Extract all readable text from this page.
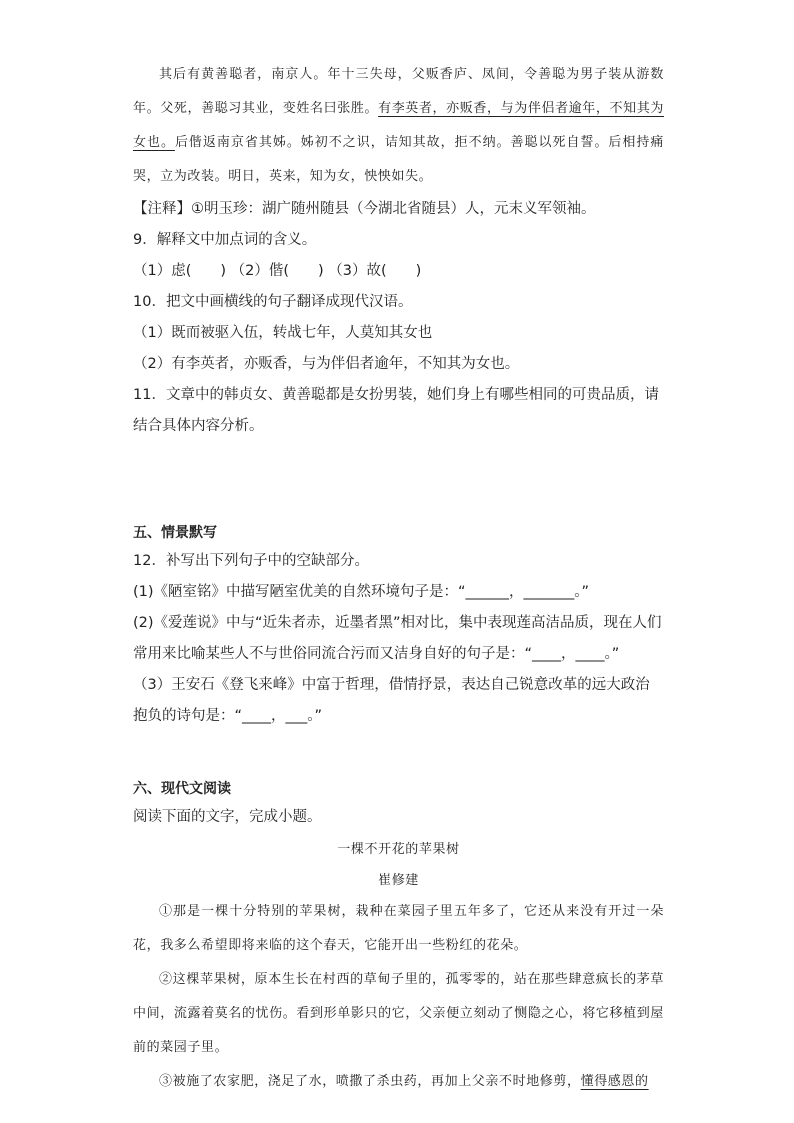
其后有黄善聪者，南京人。年十三失母，父贩香庐、凤间，令善聪为男子装从游数年。父死，善聪习其业，变姓名曰张胜。有李英者，亦贩香，与为伴侣者逾年，不知其为女也。后偕返南京省其姊。姊初不之识，诘知其故，拒不纳。善聪以死自誓。后相持痛哭，立为改装。明日，英来，知为女，怏怏如失。

【注释】①明玉珍：湖广随州随县（今湖北省随县）人，元末义军领袖。

9．解释文中加点词的含义。

（1）虑(　　) （2）偕(　　) （3）故(　　)

10．把文中画横线的句子翻译成现代汉语。

（1）既而被驱入伍，转战七年，人莫知其女也

（2）有李英者，亦贩香，与为伴侣者逾年，不知其为女也。

11．文章中的韩贞女、黄善聪都是女扮男装，她们身上有哪些相同的可贵品质，请结合具体内容分析。

五、情景默写

12．补写出下列句子中的空缺部分。

(1)《陋室铭》中描写陋室优美的自然环境句子是：“______，_______。”

(2)《爱莲说》中与“近朱者赤，近墨者黑”相对比，集中表现莲高洁品质，现在人们常用来比喻某些人不与世俗同流合污而又洁身自好的句子是：“____，____。”

（3）王安石《登飞来峰》中富于哲理，借情抒景，表达自己锐意改革的远大政治抱负的诗句是：“____，___。”

六、现代文阅读

阅读下面的文字，完成小题。

一棵不开花的苹果树

崔修建

①那是一棵十分特别的苹果树，栽种在菜园子里五年多了，它还从来没有开过一朵花，我多么希望即将来临的这个春天，它能开出一些粉红的花朵。

②这棵苹果树，原本生长在村西的草甸子里的，孤零零的，站在那些肆意疯长的茅草中间，流露着莫名的忧伤。看到形单影只的它，父亲便立刻动了恻隐之心，将它移植到屋前的菜园子里。

③被施了农家肥，浇足了水，喷撒了杀虫药，再加上父亲不时地修剪，懂得感恩的
